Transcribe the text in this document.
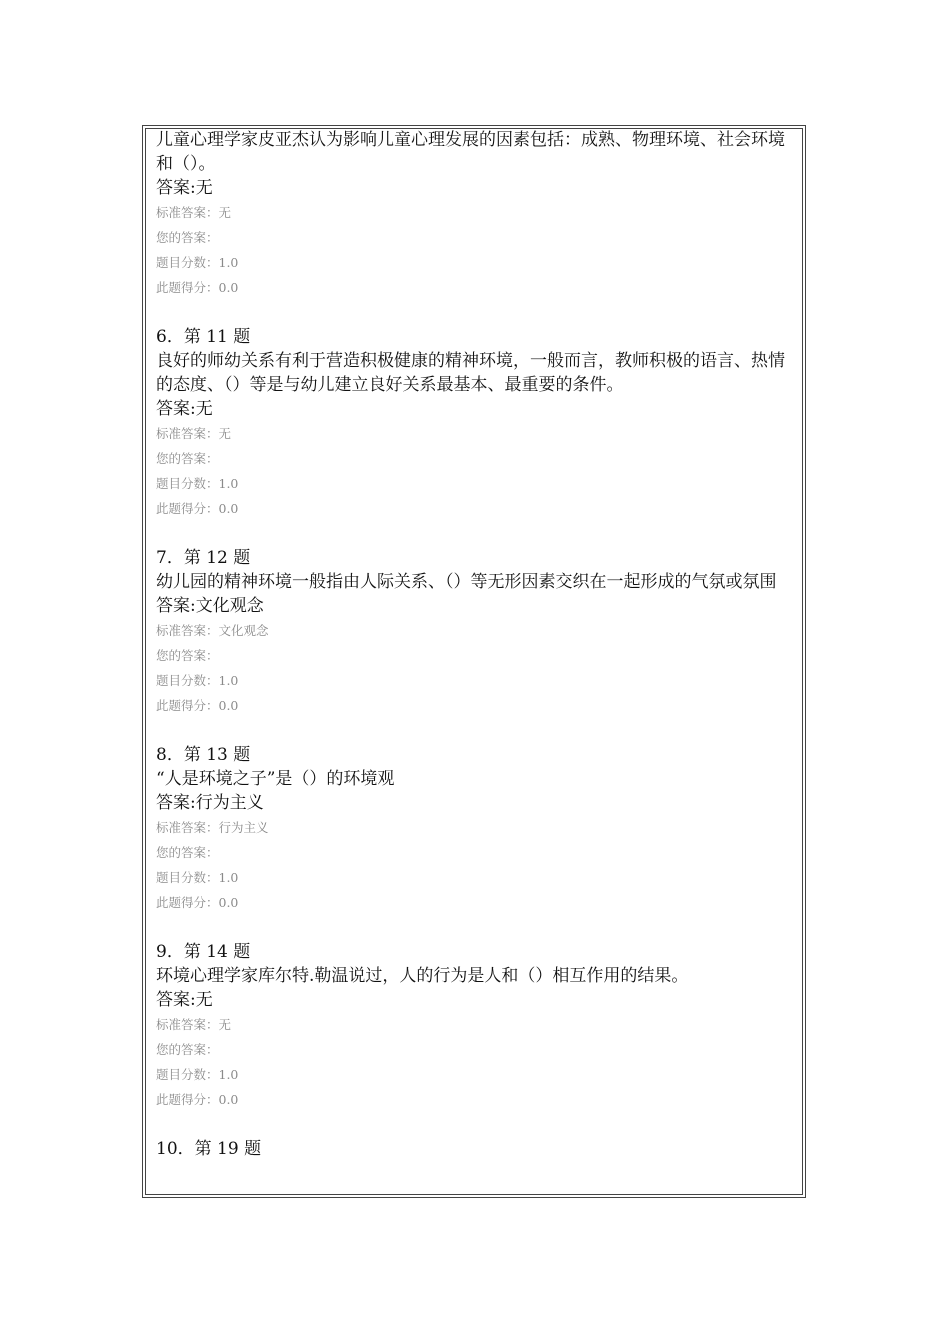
儿童心理学家皮亚杰认为影响儿童心理发展的因素包括：成熟、物理环境、社会环境和（）。

答案:无

标准答案：无

您的答案：

题目分数：1.0

此题得分：0.0

6．第 11 题

良好的师幼关系有利于营造积极健康的精神环境，一般而言，教师积极的语言、热情的态度、（）等是与幼儿建立良好关系最基本、最重要的条件。

答案:无

标准答案：无

您的答案：

题目分数：1.0

此题得分：0.0

7．第 12 题

幼儿园的精神环境一般指由人际关系、（）等无形因素交织在一起形成的气氛或氛围

答案:文化观念

标准答案：文化观念

您的答案：

题目分数：1.0

此题得分：0.0

8．第 13 题

“人是环境之子”是（）的环境观

答案:行为主义

标准答案：行为主义

您的答案：

题目分数：1.0

此题得分：0.0

9．第 14 题

环境心理学家库尔特.勒温说过，人的行为是人和（）相互作用的结果。

答案:无

标准答案：无

您的答案：

题目分数：1.0

此题得分：0.0

10．第 19 题
